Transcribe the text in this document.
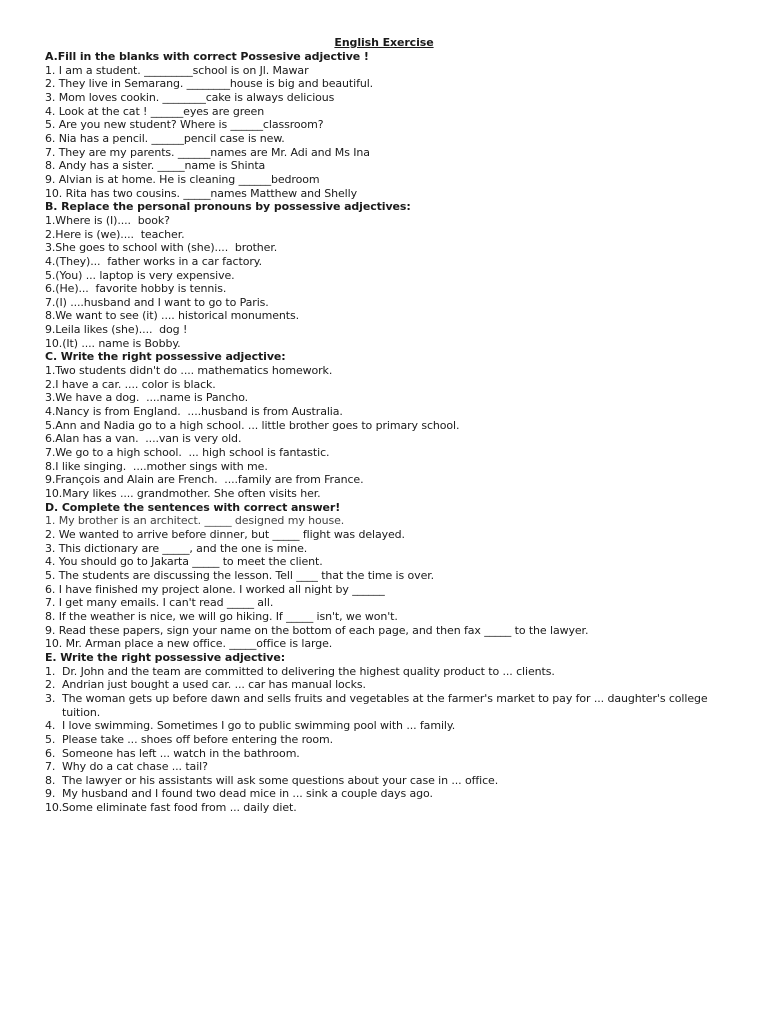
English Exercise
A.Fill in the blanks with correct Possesive adjective !
1. I am a student. _________school is on Jl. Mawar
2. They live in Semarang. ________house is big and beautiful.
3. Mom loves cookin. ________cake is always delicious
4. Look at the cat ! ______eyes are green
5. Are you new student? Where is ______classroom?
6. Nia has a pencil. ______pencil case is new.
7. They are my parents. ______names are Mr. Adi and Ms Ina
8. Andy has a sister. _____name is Shinta
9. Alvian is at home. He is cleaning ______bedroom
10. Rita has two cousins. _____names Matthew and Shelly
B. Replace the personal pronouns by possessive adjectives:
1.Where is (I)....  book?
2.Here is (we)....  teacher.
3.She goes to school with (she)....  brother.
4.(They)...  father works in a car factory.
5.(You) ... laptop is very expensive.
6.(He)...  favorite hobby is tennis.
7.(I) ....husband and I want to go to Paris.
8.We want to see (it) .... historical monuments.
9.Leila likes (she)....  dog !
10.(It) .... name is Bobby.
C. Write the right possessive adjective:
1.Two students didn't do .... mathematics homework.
2.I have a car. .... color is black.
3.We have a dog.  ....name is Pancho.
4.Nancy is from England.  ....husband is from Australia.
5.Ann and Nadia go to a high school. ... little brother goes to primary school.
6.Alan has a van.  ....van is very old.
7.We go to a high school.  ... high school is fantastic.
8.I like singing.  ....mother sings with me.
9.François and Alain are French.  ....family are from France.
10.Mary likes .... grandmother. She often visits her.
D. Complete the sentences with correct answer!
1. My brother is an architect. _____ designed my house.
2. We wanted to arrive before dinner, but _____ flight was delayed.
3. This dictionary are _____, and the one is mine.
4. You should go to Jakarta _____ to meet the client.
5. The students are discussing the lesson. Tell ____ that the time is over.
6. I have finished my project alone. I worked all night by ______
7. I get many emails. I can't read _____ all.
8. If the weather is nice, we will go hiking. If _____ isn't, we won't.
9. Read these papers, sign your name on the bottom of each page, and then fax _____ to the lawyer.
10. Mr. Arman place a new office. _____office is large.
E. Write the right possessive adjective:
1. Dr. John and the team are committed to delivering the highest quality product to ... clients.
2. Andrian just bought a used car. ... car has manual locks.
3. The woman gets up before dawn and sells fruits and vegetables at the farmer's market to pay for ... daughter's college tuition.
4. I love swimming. Sometimes I go to public swimming pool with ... family.
5. Please take ... shoes off before entering the room.
6. Someone has left ... watch in the bathroom.
7. Why do a cat chase ... tail?
8. The lawyer or his assistants will ask some questions about your case in ... office.
9. My husband and I found two dead mice in ... sink a couple days ago.
10. Some eliminate fast food from ... daily diet.
